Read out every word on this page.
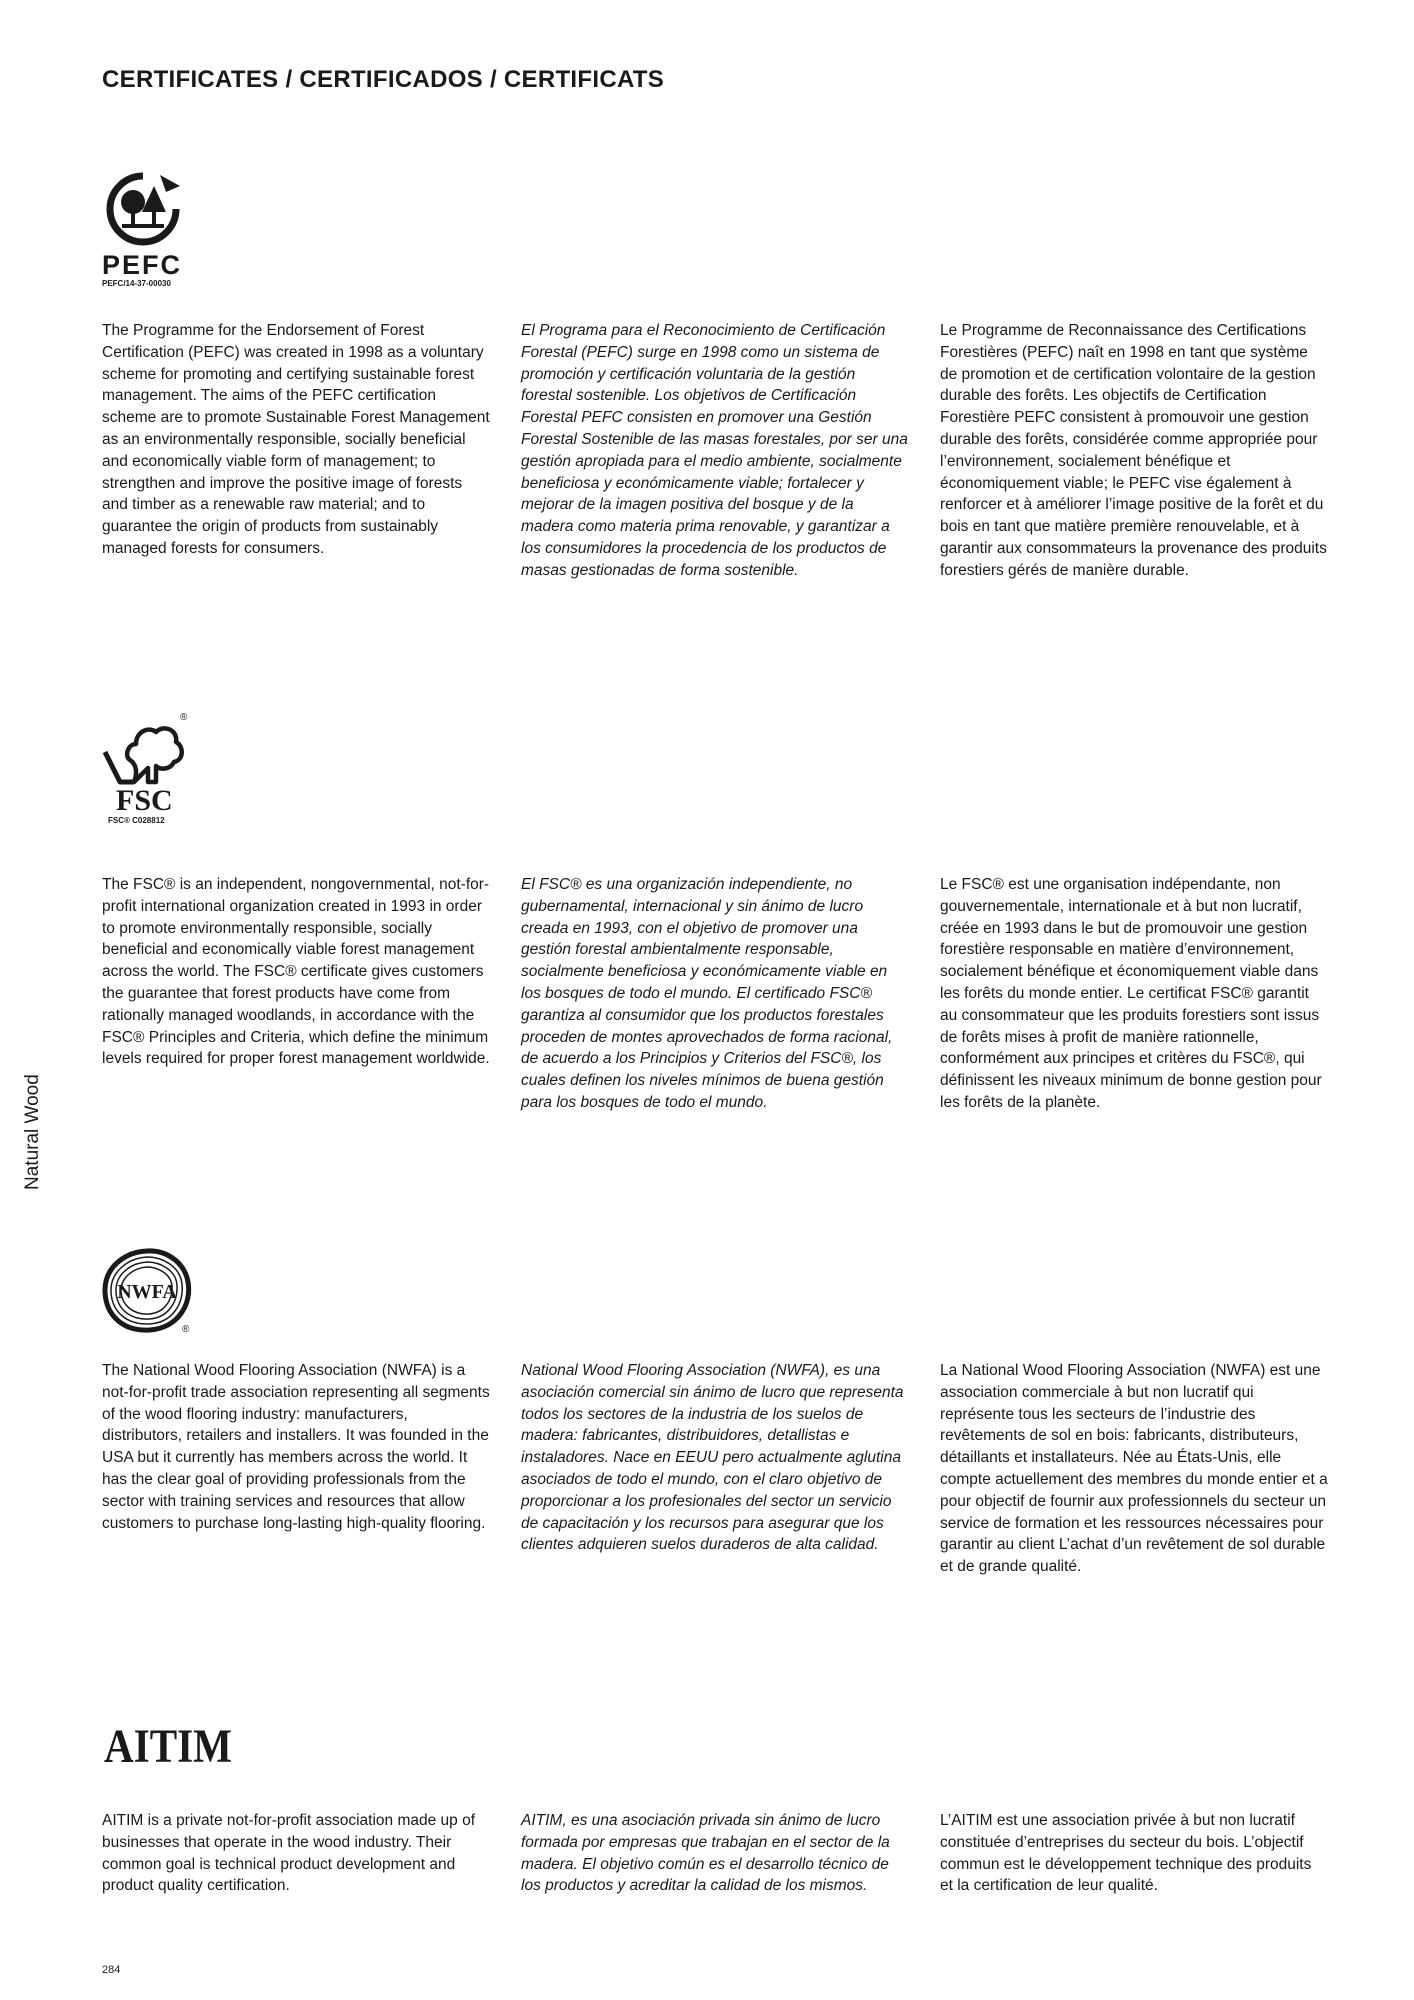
CERTIFICATES / CERTIFICADOS / CERTIFICATS
Natural Wood
PEFC
PEFC/14-37-00030

The Programme for the Endorsement of Forest Certification (PEFC) was created in 1998 as a voluntary scheme for promoting and certifying sustainable forest management. The aims of the PEFC certification scheme are to promote Sustainable Forest Management as an environmentally responsible, socially beneficial and economically viable form of management; to strengthen and improve the positive image of forests and timber as a renewable raw material; and to guarantee the origin of products from sustainably managed forests for consumers.

El Programa para el Reconocimiento de Certificación Forestal (PEFC) surge en 1998 como un sistema de promoción y certificación voluntaria de la gestión forestal sostenible. Los objetivos de Certificación Forestal PEFC consisten en promover una Gestión Forestal Sostenible de las masas forestales, por ser una gestión apropiada para el medio ambiente, socialmente beneficiosa y económicamente viable; fortalecer y mejorar de la imagen positiva del bosque y de la madera como materia prima renovable, y garantizar a los consumidores la procedencia de los productos de masas gestionadas de forma sostenible.

Le Programme de Reconnaissance des Certifications Forestières (PEFC) naît en 1998 en tant que système de promotion et de certification volontaire de la gestion durable des forêts. Les objectifs de Certification Forestière PEFC consistent à promouvoir une gestion durable des forêts, considérée comme appropriée pour l’environnement, socialement bénéfique et économiquement viable; le PEFC vise également à renforcer et à améliorer l’image positive de la forêt et du bois en tant que matière première renouvelable, et à garantir aux consommateurs la provenance des produits forestiers gérés de manière durable.

®
FSC
FSC® C028812

The FSC® is an independent, nongovernmental, not-for-profit international organization created in 1993 in order to promote environmentally responsible, socially beneficial and economically viable forest management across the world. The FSC® certificate gives customers the guarantee that forest products have come from rationally managed woodlands, in accordance with the FSC® Principles and Criteria, which define the minimum levels required for proper forest management worldwide.

El FSC® es una organización independiente, no gubernamental, internacional y sin ánimo de lucro creada en 1993, con el objetivo de promover una gestión forestal ambientalmente responsable, socialmente beneficiosa y económicamente viable en los bosques de todo el mundo. El certificado FSC® garantiza al consumidor que los productos forestales proceden de montes aprovechados de forma racional, de acuerdo a los Principios y Criterios del FSC®, los cuales definen los niveles mínimos de buena gestión para los bosques de todo el mundo.

Le FSC® est une organisation indépendante, non gouvernementale, internationale et à but non lucratif, créée en 1993 dans le but de promouvoir une gestion forestière responsable en matière d’environnement, socialement bénéfique et économiquement viable dans les forêts du monde entier. Le certificat FSC® garantit au consommateur que les produits forestiers sont issus de forêts mises à profit de manière rationnelle, conformément aux principes et critères du FSC®, qui définissent les niveaux minimum de bonne gestion pour les forêts de la planète.

NWFA
®

The National Wood Flooring Association (NWFA) is a not-for-profit trade association representing all segments of the wood flooring industry: manufacturers, distributors, retailers and installers. It was founded in the USA but it currently has members across the world. It has the clear goal of providing professionals from the sector with training services and resources that allow customers to purchase long-lasting high-quality flooring.

National Wood Flooring Association (NWFA), es una asociación comercial sin ánimo de lucro que representa todos los sectores de la industria de los suelos de madera: fabricantes, distribuidores, detallistas e instaladores. Nace en EEUU pero actualmente aglutina asociados de todo el mundo, con el claro objetivo de proporcionar a los profesionales del sector un servicio de capacitación y los recursos para asegurar que los clientes adquieren suelos duraderos de alta calidad.

La National Wood Flooring Association (NWFA) est une association commerciale à but non lucratif qui représente tous les secteurs de l’industrie des revêtements de sol en bois: fabricants, distributeurs, détaillants et installateurs. Née au États-Unis, elle compte actuellement des membres du monde entier et a pour objectif de fournir aux professionnels du secteur un service de formation et les ressources nécessaires pour garantir au client L’achat d’un revêtement de sol durable et de grande qualité.

AITIM

AITIM is a private not-for-profit association made up of businesses that operate in the wood industry. Their common goal is technical product development and product quality certification.

AITIM, es una asociación privada sin ánimo de lucro formada por empresas que trabajan en el sector de la madera. El objetivo común es el desarrollo técnico de los productos y acreditar la calidad de los mismos.

L’AITIM est une association privée à but non lucratif constituée d’entreprises du secteur du bois. L’objectif commun est le développement technique des produits et la certification de leur qualité.

284
